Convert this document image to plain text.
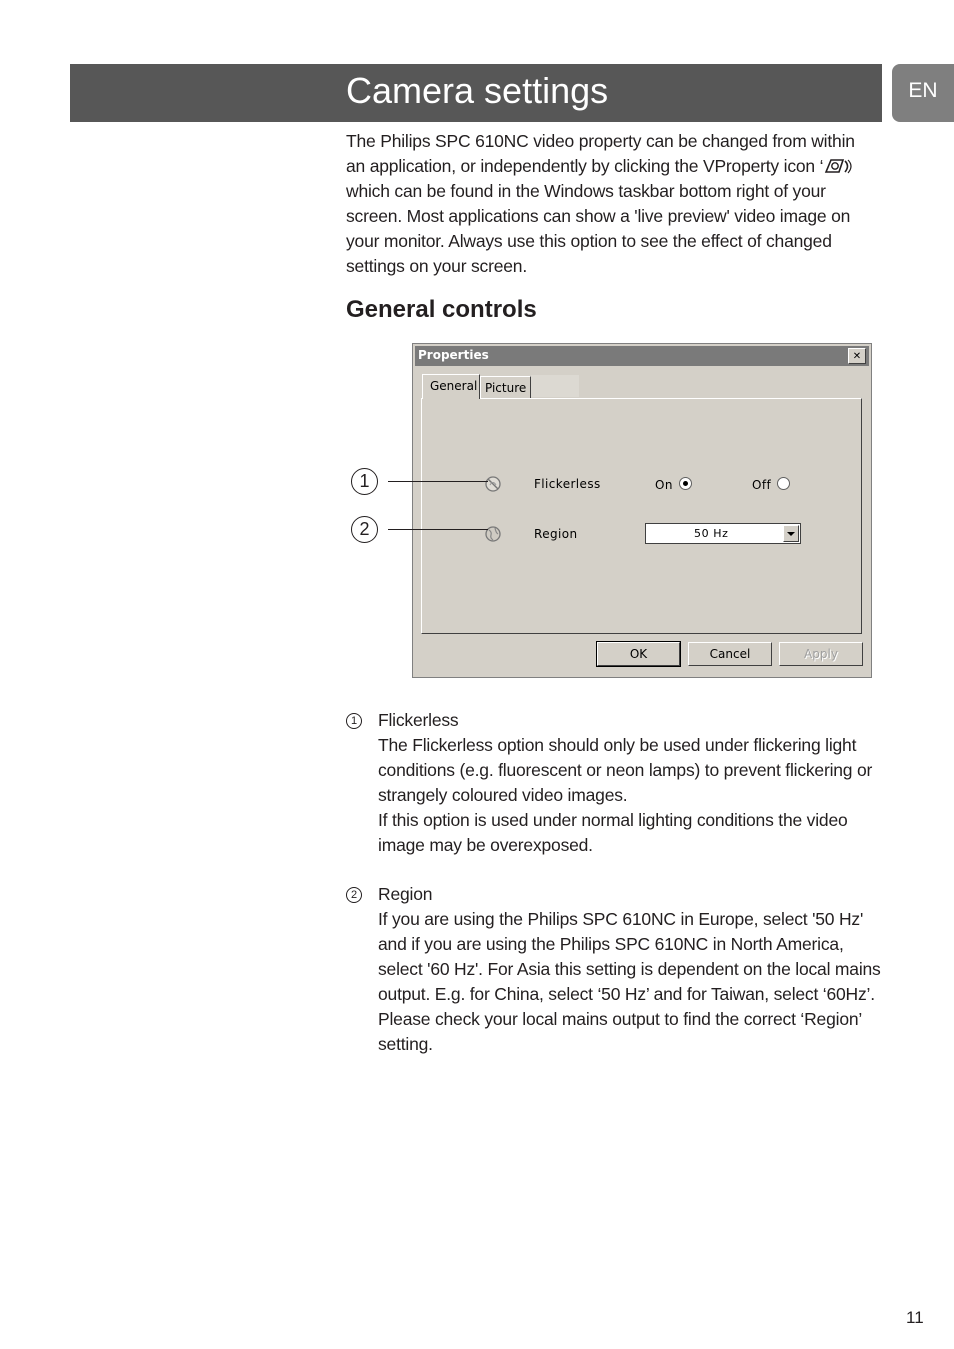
Camera settings	EN

The Philips SPC 610NC video property can be changed from within an application, or independently by clicking the VProperty icon ‘ which can be found in the Windows taskbar bottom right of your screen. Most applications can show a 'live preview' video image on your monitor. Always use this option to see the effect of changed settings on your screen.

General controls
Properties	✕
General Picture
Flickerless	On	Off
Region	50 Hz
OK	Cancel	Apply
1
2
1 Flickerless

The Flickerless option should only be used under flickering light conditions (e.g. fluorescent or neon lamps) to prevent flickering or strangely coloured video images.

If this option is used under normal lighting conditions the video image may be overexposed.

2 Region

If you are using the Philips SPC 610NC in Europe, select '50 Hz' and if you are using the Philips SPC 610NC in North America, select '60 Hz'. For Asia this setting is dependent on the local mains output. E.g. for China, select ‘50 Hz’ and for Taiwan, select ‘60Hz’. Please check your local mains output to find the correct ‘Region’ setting.

11
